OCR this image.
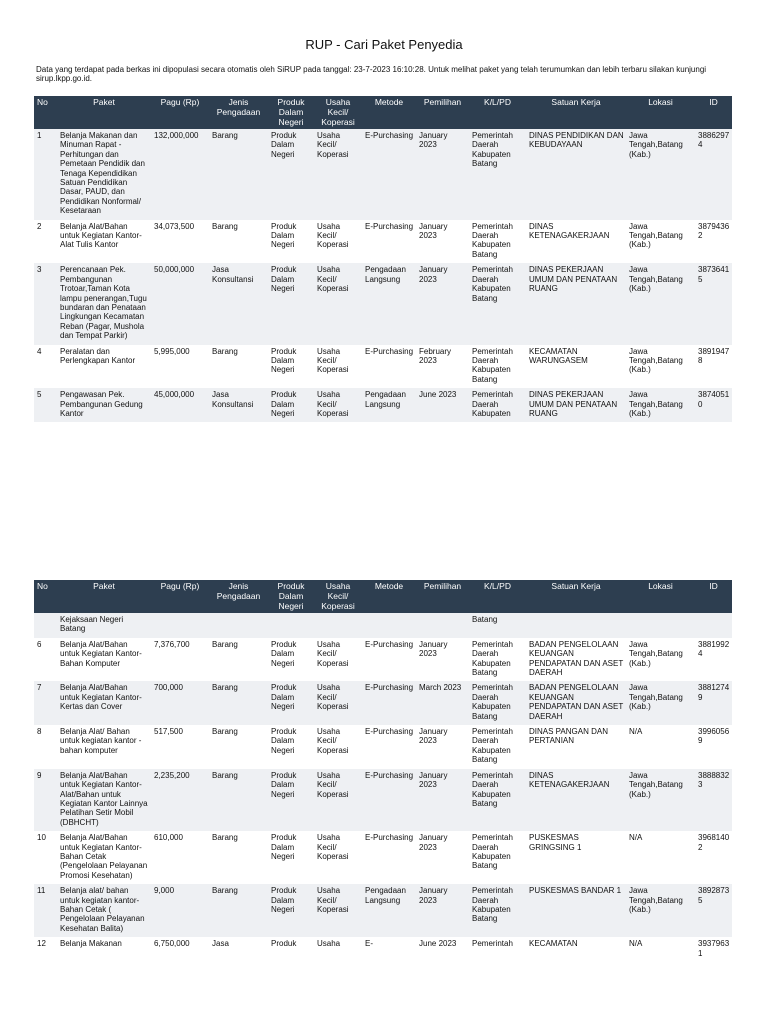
RUP - Cari Paket Penyedia
Data yang terdapat pada berkas ini dipopulasi secara otomatis oleh SiRUP pada tanggal: 23-7-2023 16:10:28. Untuk melihat paket yang telah terumumkan dan lebih terbaru silakan kunjungi sirup.lkpp.go.id.
No	Paket	Pagu (Rp)	Jenis Pengadaan	Produk Dalam Negeri	Usaha Kecil/ Koperasi	Metode	Pemilihan	K/L/PD	Satuan Kerja	Lokasi	ID
1	Belanja Makanan dan Minuman Rapat - Perhitungan dan Pemetaan Pendidik dan Tenaga Kependidikan Satuan Pendidikan Dasar, PAUD, dan Pendidikan Nonformal/ Kesetaraan	132,000,000	Barang	Produk Dalam Negeri	Usaha Kecil/ Koperasi	E-Purchasing	January 2023	Pemerintah Daerah Kabupaten Batang	DINAS PENDIDIKAN DAN KEBUDAYAAN	Jawa Tengah,Batang (Kab.)	38862974
2	Belanja Alat/Bahan untuk Kegiatan Kantor-Alat Tulis Kantor	34,073,500	Barang	Produk Dalam Negeri	Usaha Kecil/ Koperasi	E-Purchasing	January 2023	Pemerintah Daerah Kabupaten Batang	DINAS KETENAGAKERJAAN	Jawa Tengah,Batang (Kab.)	38794362
3	Perencanaan Pek. Pembangunan Trotoar,Taman Kota lampu penerangan,Tugu bundaran dan Penataan Lingkungan Kecamatan Reban (Pagar, Mushola dan Tempat Parkir)	50,000,000	Jasa Konsultansi	Produk Dalam Negeri	Usaha Kecil/ Koperasi	Pengadaan Langsung	January 2023	Pemerintah Daerah Kabupaten Batang	DINAS PEKERJAAN UMUM DAN PENATAAN RUANG	Jawa Tengah,Batang (Kab.)	38736415
4	Peralatan dan Perlengkapan Kantor	5,995,000	Barang	Produk Dalam Negeri	Usaha Kecil/ Koperasi	E-Purchasing	February 2023	Pemerintah Daerah Kabupaten Batang	KECAMATAN WARUNGASEM	Jawa Tengah,Batang (Kab.)	38919478
5	Pengawasan Pek. Pembangunan Gedung Kantor	45,000,000	Jasa Konsultansi	Produk Dalam Negeri	Usaha Kecil/ Koperasi	Pengadaan Langsung	June 2023	Pemerintah Daerah Kabupaten	DINAS PEKERJAAN UMUM DAN PENATAAN RUANG	Jawa Tengah,Batang (Kab.)	38740510
No	Paket	Pagu (Rp)	Jenis Pengadaan	Produk Dalam Negeri	Usaha Kecil/ Koperasi	Metode	Pemilihan	K/L/PD	Satuan Kerja	Lokasi	ID
	Kejaksaan Negeri Batang							Batang			
6	Belanja Alat/Bahan untuk Kegiatan Kantor-Bahan Komputer	7,376,700	Barang	Produk Dalam Negeri	Usaha Kecil/ Koperasi	E-Purchasing	January 2023	Pemerintah Daerah Kabupaten Batang	BADAN PENGELOLAAN KEUANGAN PENDAPATAN DAN ASET DAERAH	Jawa Tengah,Batang (Kab.)	38819924
7	Belanja Alat/Bahan untuk Kegiatan Kantor- Kertas dan Cover	700,000	Barang	Produk Dalam Negeri	Usaha Kecil/ Koperasi	E-Purchasing	March 2023	Pemerintah Daerah Kabupaten Batang	BADAN PENGELOLAAN KEUANGAN PENDAPATAN DAN ASET DAERAH	Jawa Tengah,Batang (Kab.)	38812749
8	Belanja Alat/ Bahan untuk kegiatan kantor - bahan komputer	517,500	Barang	Produk Dalam Negeri	Usaha Kecil/ Koperasi	E-Purchasing	January 2023	Pemerintah Daerah Kabupaten Batang	DINAS PANGAN DAN PERTANIAN	N/A	39960569
9	Belanja Alat/Bahan untuk Kegiatan Kantor-Alat/Bahan untuk Kegiatan Kantor Lainnya Pelatihan Setir Mobil (DBHCHT)	2,235,200	Barang	Produk Dalam Negeri	Usaha Kecil/ Koperasi	E-Purchasing	January 2023	Pemerintah Daerah Kabupaten Batang	DINAS KETENAGAKERJAAN	Jawa Tengah,Batang (Kab.)	38888323
10	Belanja Alat/Bahan untuk Kegiatan Kantor- Bahan Cetak (Pengelolaan Pelayanan Promosi Kesehatan)	610,000	Barang	Produk Dalam Negeri	Usaha Kecil/ Koperasi	E-Purchasing	January 2023	Pemerintah Daerah Kabupaten Batang	PUSKESMAS GRINGSING 1	N/A	39681402
11	Belanja alat/ bahan untuk kegiatan kantor-Bahan Cetak ( Pengelolaan Pelayanan Kesehatan Balita)	9,000	Barang	Produk Dalam Negeri	Usaha Kecil/ Koperasi	Pengadaan Langsung	January 2023	Pemerintah Daerah Kabupaten Batang	PUSKESMAS BANDAR 1	Jawa Tengah,Batang (Kab.)	38928735
12	Belanja Makanan	6,750,000	Jasa	Produk	Usaha	E-	June 2023	Pemerintah	KECAMATAN	N/A	39379631
